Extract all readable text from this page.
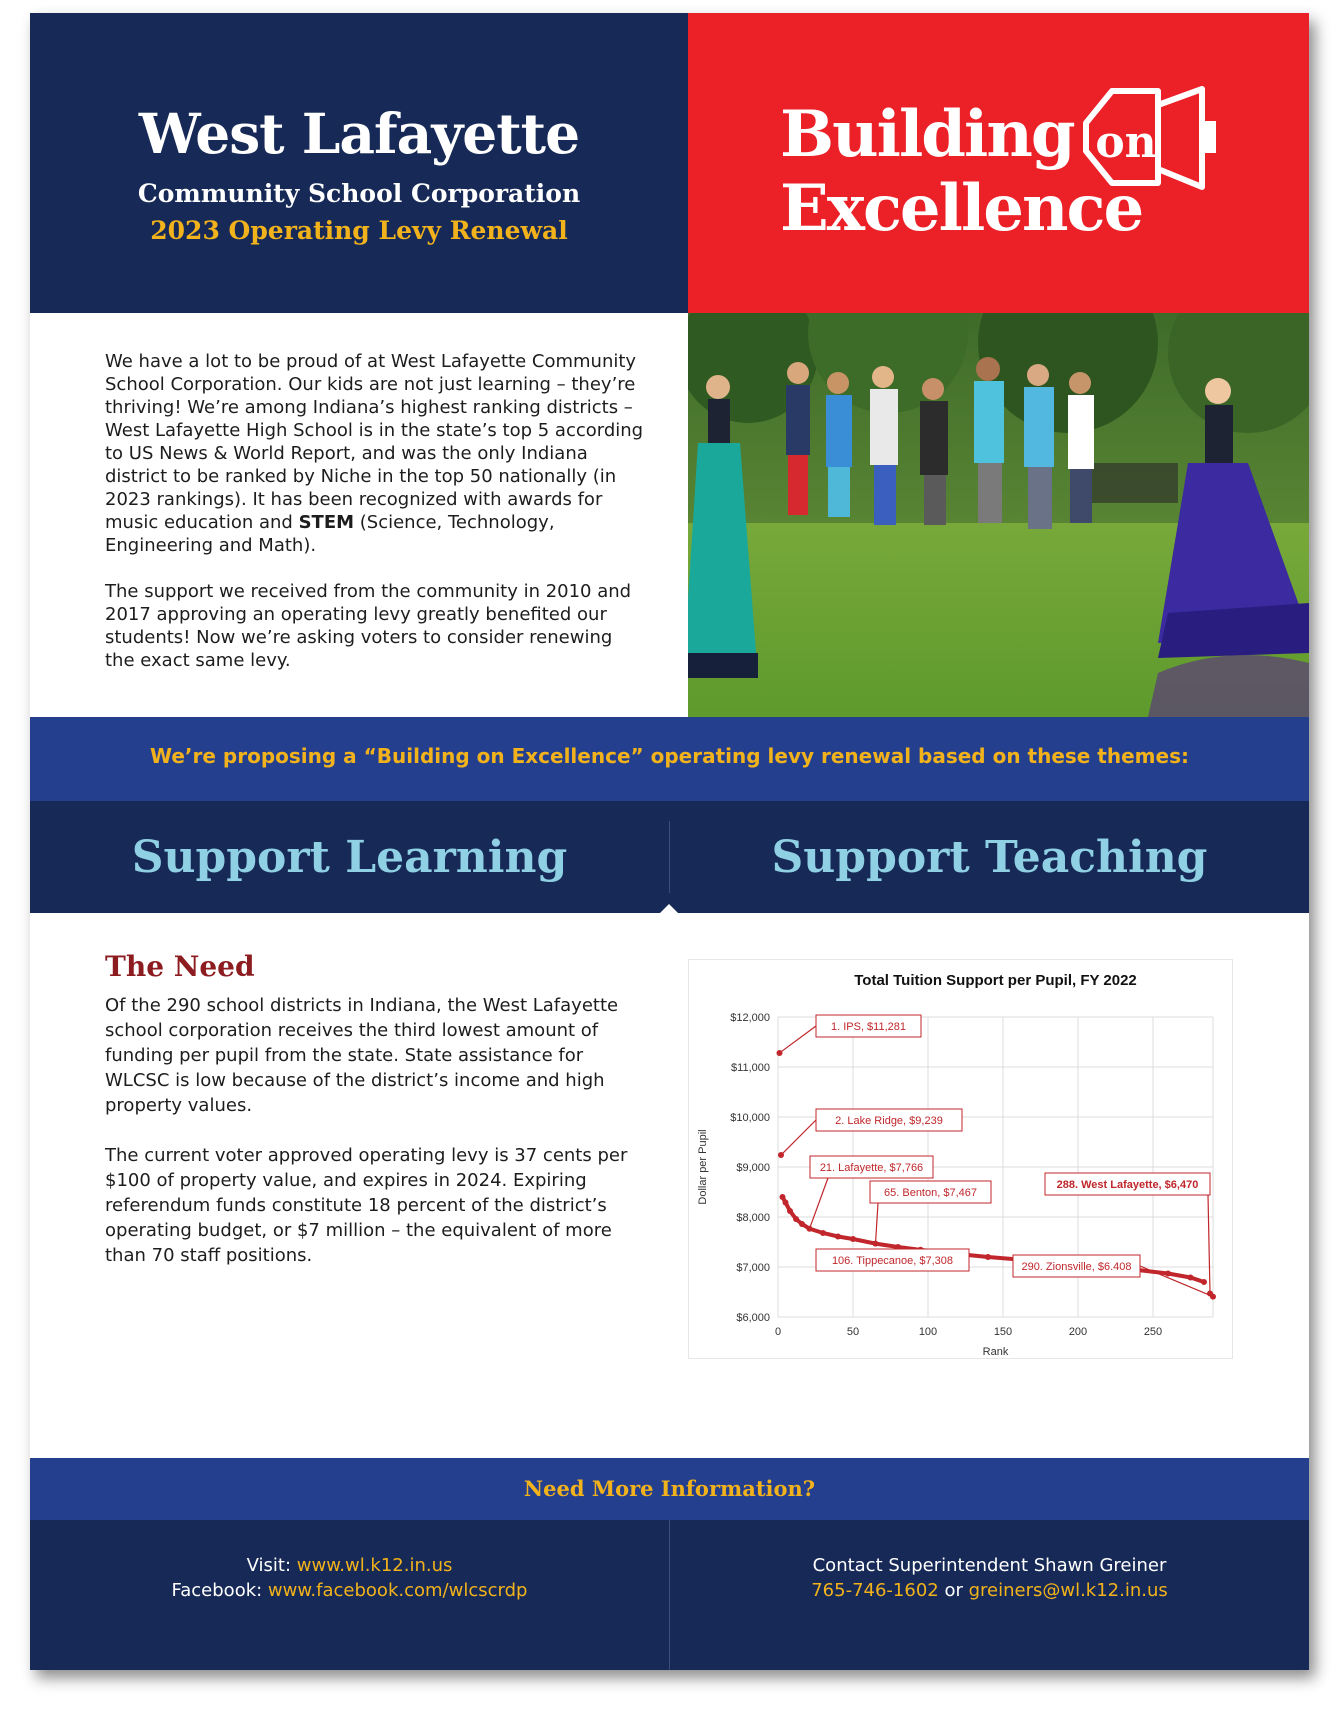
West Lafayette
Community School Corporation
2023 Operating Levy Renewal
Building
Excellence
on

We have a lot to be proud of at West Lafayette Community School Corporation. Our kids are not just learning – they’re thriving! We’re among Indiana’s highest ranking districts – West Lafayette High School is in the state’s top 5 according to US News & World Report, and was the only Indiana district to be ranked by Niche in the top 50 nationally (in 2023 rankings). It has been recognized with awards for music education and STEM (Science, Technology, Engineering and Math).

The support we received from the community in 2010 and 2017 approving an operating levy greatly benefited our students! Now we’re asking voters to consider renewing the exact same levy.

We’re proposing a “Building on Excellence” operating levy renewal based on these themes:
Support Learning	Support Teaching
The Need

Of the 290 school districts in Indiana, the West Lafayette school corporation receives the third lowest amount of funding per pupil from the state. State assistance for WLCSC is low because of the district’s income and high property values.

The current voter approved operating levy is 37 cents per $100 of property value, and expires in 2024. Expiring referendum funds constitute 18 percent of the district’s operating budget, or $7 million – the equivalent of more than 70 staff positions.

Total Tuition Support per Pupil, FY 2022
$6,000
$7,000
$8,000
$9,000
$10,000
$11,000
$12,000
0	50	100	150	200	250
Rank
Dollar per Pupil
1. IPS, $11,281
2. Lake Ridge, $9,239
21. Lafayette, $7,766
65. Benton, $7,467
288. West Lafayette, $6,470
106. Tippecanoe, $7,308	290. Zionsville, $6.408
Need More Information?
Visit: www.wl.k12.in.us
Facebook: www.facebook.com/wlcscrdp
Contact Superintendent Shawn Greiner
765-746-1602 or greiners@wl.k12.in.us
